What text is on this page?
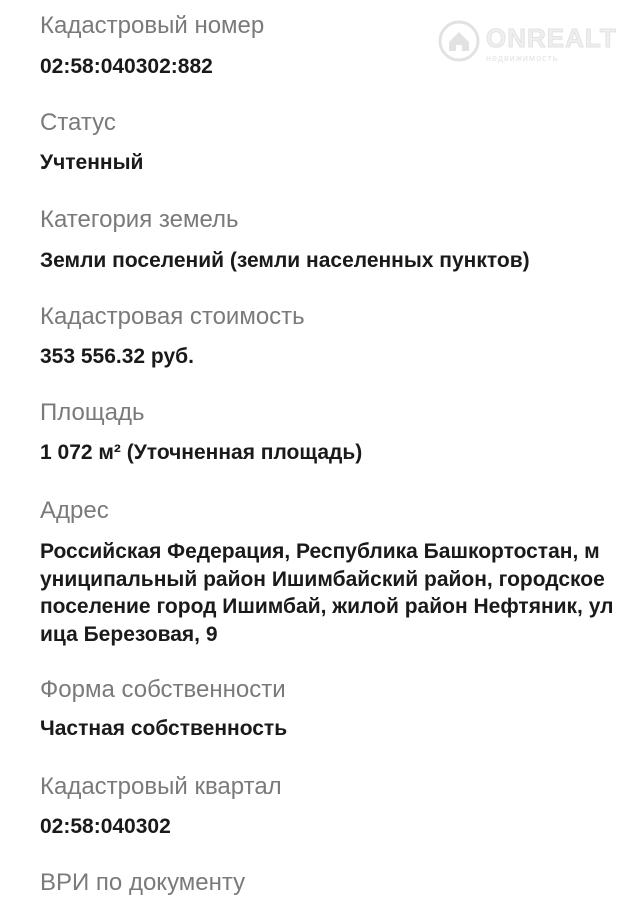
ONREALT
недвижимость
Кадастровый номер
02:58:040302:882
Статус
Учтенный
Категория земель
Земли поселений (земли населенных пунктов)
Кадастровая стоимость
353 556.32 руб.
Площадь
1 072 м² (Уточненная площадь)
Адрес
Российская Федерация, Республика Башкортостан, м
униципальный район Ишимбайский район, городское
поселение город Ишимбай, жилой район Нефтяник, ул
ица Березовая, 9
Форма собственности
Частная собственность
Кадастровый квартал
02:58:040302
ВРИ по документу
